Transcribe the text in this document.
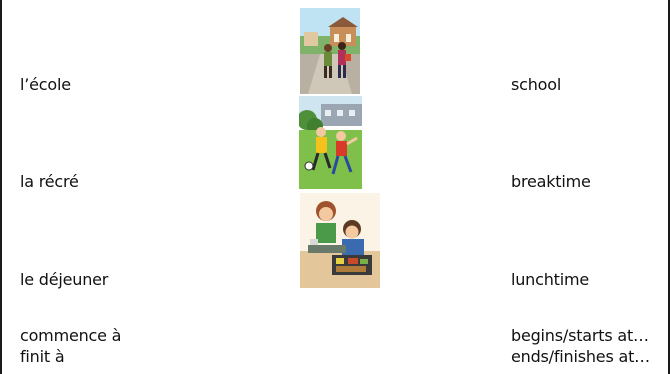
l’école	school
la récré	breaktime
le déjeuner	lunchtime
commence à	begins/starts at…
finit à	ends/finishes at…
